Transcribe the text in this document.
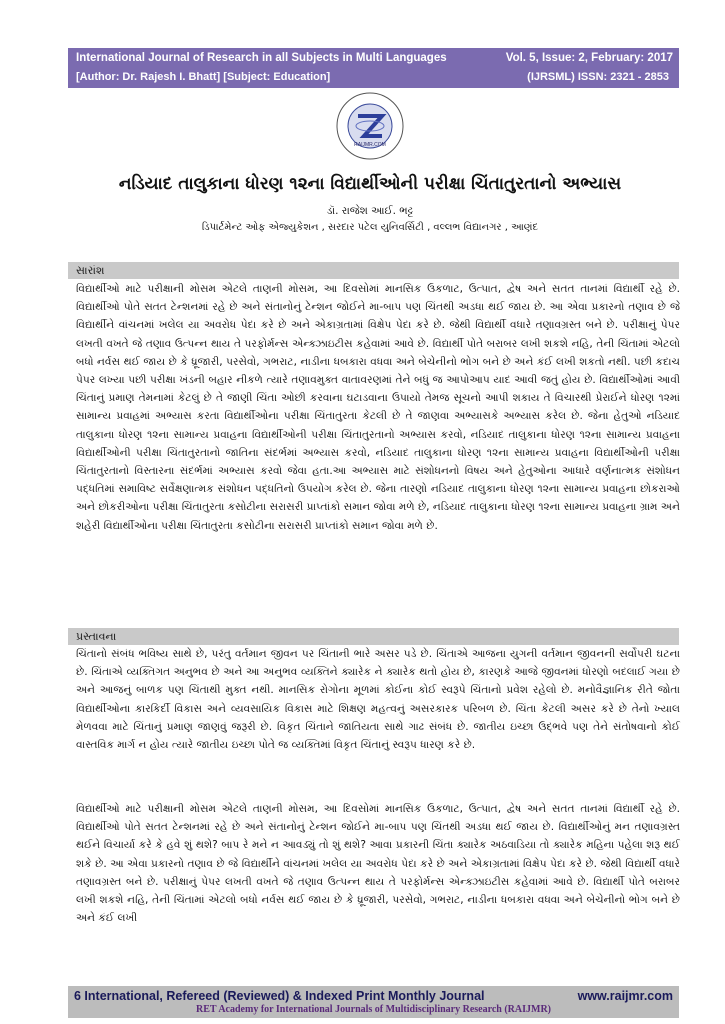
International Journal of Research in all Subjects in Multi Languages	Vol. 5, Issue: 2, February: 2017
[Author: Dr. Rajesh I. Bhatt] [Subject: Education]	(IJRSML) ISSN: 2321 - 2853
RAIJMR.COM
નડિયાદ તાલુકાના ધોરણ ૧૨ના વિદ્યાર્થીઓની પરીક્ષા ચિંતાતુરતાનો અભ્યાસ
ડૉ. રાજેશ આઈ. ભટ્ટ
ડિપાર્ટમેન્ટ ઓફ એજ્યુકેશન , સરદાર પટેલ યુનિવર્સિટી , વલ્લભ વિદ્યાનગર , આણંદ
સારાંશ

વિદ્યાર્થીઓ માટે પરીક્ષાની મોસમ એટલે તાણની મોસમ, આ દિવસોમાં માનસિક ઉકળાટ, ઉત્પાત, દ્વેષ અને સતત તાનમાં વિદ્યાર્થી રહે છે. વિદ્યાર્થીઓ પોતે સતત ટેન્શનમાં રહે છે અને સંતાનોનું ટેન્શન જોઈને મા-બાપ પણ ચિંતથી અડધા થઈ જાય છે. આ એવા પ્રકારનો તણાવ છે જે વિદ્યાર્થીને વાંચનમાં ખલેલ યા અવરોધ પેદા કરે છે અને એકાગ્રતામાં વિક્ષેપ પેદા કરે છે. જેથી વિદ્યાર્થી વધારે તણાવગ્રસ્ત બને છે. પરીક્ષાનું પેપર લખતી વખતે જે તણાવ ઉત્પન્ન થાય તે પરફોર્મન્સ એન્ક્ઝાઇટીસ કહેવામાં આવે છે. વિદ્યાર્થી પોતે બરાબર લખી શકશે નહિ, તેની ચિંતામાં એટલો બધો નર્વસ થઈ જાય છે કે ધ્રૂજારી, પરસેવો, ગભરાટ, નાડીના ધબકારા વધવા અને બેચેનીનો ભોગ બને છે અને કંઈ લખી શકતો નથી. પછી કદાચ પેપર લખ્યા પછી પરીક્ષા ખંડની બહાર નીકળે ત્યારે તણાવમુક્ત વાતાવરણમાં તેને બધું જ આપોઆપ યાદ આવી જતું હોય છે. વિદ્યાર્થીઓમાં આવી ચિંતાનું પ્રમાણ તેમનામાં કેટલું છે તે જાણી ચિંતા ઓછી કરવાના ઘટાડવાના ઉપાયો તેમજ સૂચનો આપી શકાય તે વિચારથી પ્રેરાઈને ધોરણ ૧૨માં સામાન્ય પ્રવાહમાં અભ્યાસ કરતા વિદ્યાર્થીઓના પરીક્ષા ચિંતાતુરતા કેટલી છે તે જાણવા અભ્યાસકે અભ્યાસ કરેલ છે. જેના હેતુઓ નડિયાદ તાલુકાના ધોરણ ૧૨ના સામાન્ય પ્રવાહના વિદ્યાર્થીઓની પરીક્ષા ચિંતાતુરતાનો અભ્યાસ કરવો, નડિયાદ તાલુકાના ધોરણ ૧૨ના સામાન્ય પ્રવાહના વિદ્યાર્થીઓની પરીક્ષા ચિંતાતુરતાનો જાતિના સંદર્ભમાં અભ્યાસ કરવો, નડિયાદ તાલુકાના ધોરણ ૧૨ના સામાન્ય પ્રવાહના વિદ્યાર્થીઓની પરીક્ષા ચિંતાતુરતાનો વિસ્તારના સંદર્ભમાં અભ્યાસ કરવો જેવા હતા.આ અભ્યાસ માટે સંશોધનનો વિષય અને હેતુઓના આધારે વર્ણનાત્મક સંશોધન પદ્ધતિમાં સમાવિષ્ટ સર્વેક્ષણાત્મક સંશોધન પદ્ધતિનો ઉપયોગ કરેલ છે. જેના તારણો નડિયાદ તાલુકાના ધોરણ ૧૨ના સામાન્ય પ્રવાહના છોકરાઓ અને છોકરીઓના પરીક્ષા ચિંતાતુરતા કસોટીના સરાસરી પ્રાપ્તાંકો સમાન જોવા મળે છે, નડિયાદ તાલુકાના ધોરણ ૧૨ના સામાન્ય પ્રવાહના ગ્રામ અને શહેરી વિદ્યાર્થીઓના પરીક્ષા ચિંતાતુરતા કસોટીના સરાસરી પ્રાપ્તાંકો સમાન જોવા મળે છે.

પ્રસ્તાવના

ચિંતાનો સંબંધ ભવિષ્ય સાથે છે, પરંતુ વર્તમાન જીવન પર ચિંતાની ભારે અસર પડે છે. ચિંતાએ આજના યુગની વર્તમાન જીવનની સર્વોપરી ઘટના છે. ચિંતાએ વ્યક્તિગત અનુભવ છે અને આ અનુભવ વ્યક્તિને ક્યારેક ને ક્યારેક થતો હોય છે, કારણકે આજે જીવનમાં ધોરણો બદલાઈ ગયા છે અને આજનું બાળક પણ ચિંતાથી મુક્ત નથી. માનસિક રોગોના મૂળમાં કોઈના કોઈ સ્વરૂપે ચિંતાનો પ્રવેશ રહેલો છે. મનોવૈજ્ઞાનિક રીતે જોતા વિદ્યાર્થીઓના કારકિર્દી વિકાસ અને વ્યવસાયિક વિકાસ માટે શિક્ષણ મહત્વનું અસરકારક પરિબળ છે. ચિંતા કેટલી અસર કરે છે તેનો ખ્યાલ મેળવવા માટે ચિંતાનું પ્રમાણ જાણવું જરૂરી છે. વિકૃત ચિંતાને જાતિયતા સાથે ગાઢ સંબંધ છે. જાતીય ઇચ્છા ઉદ્ભવે પણ તેને સંતોષવાનો કોઈ વાસ્તવિક માર્ગ ન હોય ત્યારે જાતીય ઇચ્છા પોતે જ વ્યક્તિમાં વિકૃત ચિંતાનું સ્વરૂપ ધારણ કરે છે.

વિદ્યાર્થીઓ માટે પરીક્ષાની મોસમ એટલે તાણની મોસમ, આ દિવસોમાં માનસિક ઉકળાટ, ઉત્પાત, દ્વેષ અને સતત તાનમાં વિદ્યાર્થી રહે છે. વિદ્યાર્થીઓ પોતે સતત ટેન્શનમાં રહે છે અને સંતાનોનું ટેન્શન જોઈને મા-બાપ પણ ચિંતથી અડધા થઈ જાય છે. વિદ્યાર્થીઓનું મન તણાવગ્રસ્ત થઈને વિચાર્યા કરે કે હવે શું થશે? બાપ રે મને ન આવડ્યું તો શું થશે? આવા પ્રકારની ચિંતા ક્યારેક અઠવાડિયા તો ક્યારેક મહિના પહેલા શરૂ થઈ શકે છે. આ એવા પ્રકારનો તણાવ છે જે વિદ્યાર્થીને વાંચનમાં ખલેલ યા અવરોધ પેદા કરે છે અને એકાગ્રતામાં વિક્ષેપ પેદા કરે છે. જેથી વિદ્યાર્થી વધારે તણાવગ્રસ્ત બને છે. પરીક્ષાનું પેપર લખતી વખતે જે તણાવ ઉત્પન્ન થાય તે પરફોર્મન્સ એન્ક્ઝાઇટીસ કહેવામાં આવે છે. વિદ્યાર્થી પોતે બરાબર લખી શકશે નહિ, તેની ચિંતામાં એટલો બધો નર્વસ થઈ જાય છે કે ધ્રૂજારી, પરસેવો, ગભરાટ, નાડીના ધબકારા વધવા અને બેચેનીનો ભોગ બને છે અને કંઈ લખી

6 International, Refereed (Reviewed) & Indexed Print Monthly Journal	www.raijmr.com
RET Academy for International Journals of Multidisciplinary Research (RAIJMR)
